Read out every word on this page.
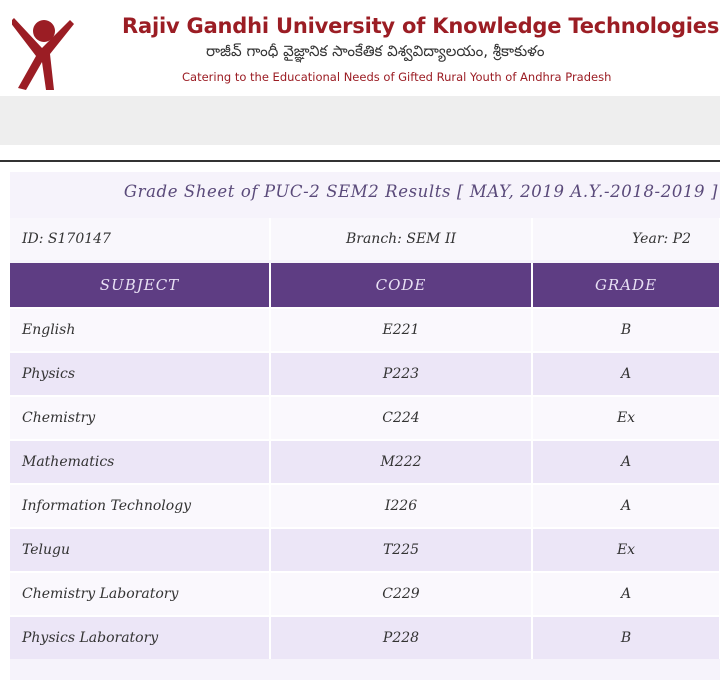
Rajiv Gandhi University of Knowledge Technologies
రాజీవ్ గాంధీ వైజ్ఞానిక సాంకేతిక విశ్వవిద్యాలయం, శ్రీకాకుళం
Catering to the Educational Needs of Gifted Rural Youth of Andhra Pradesh
Grade Sheet of PUC-2 SEM2 Results [ MAY, 2019 A.Y.-2018-2019 ]
ID: S170147	Branch: SEM II	Year: P2
SUBJECT	CODE	GRADE
English	E221	B
Physics	P223	A
Chemistry	C224	Ex
Mathematics	M222	A
Information Technology	I226	A
Telugu	T225	Ex
Chemistry Laboratory	C229	A
Physics Laboratory	P228	B
